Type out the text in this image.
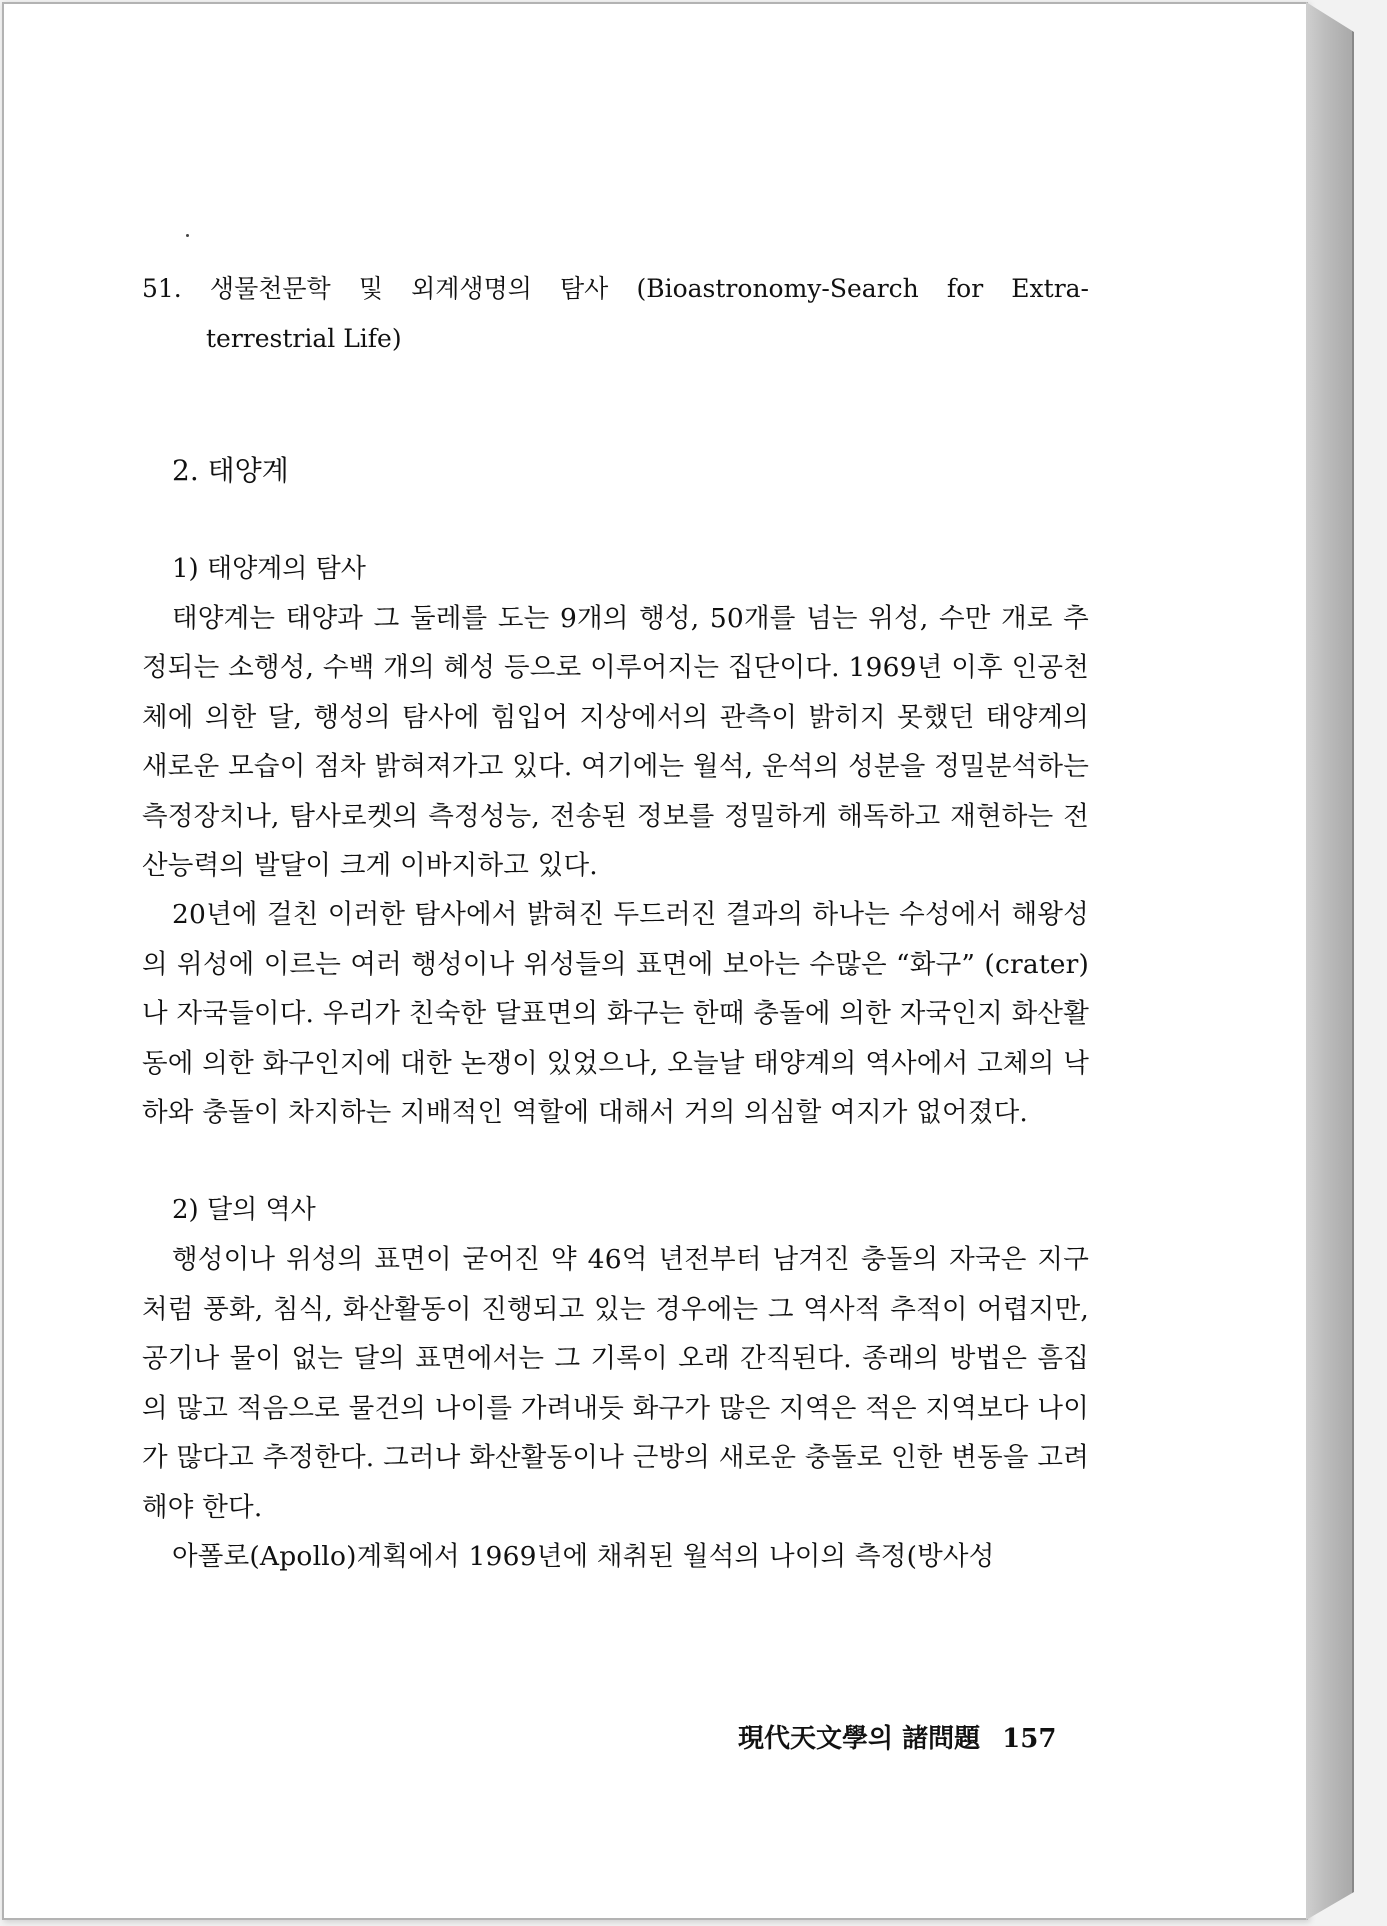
51. 생물천문학 및 외계생명의 탐사 (Bioastronomy-Search for Extra-
terrestrial Life)
2. 태양계
1) 태양계의 탐사

태양계는 태양과 그 둘레를 도는 9개의 행성, 50개를 넘는 위성, 수만 개로 추정되는 소행성, 수백 개의 혜성 등으로 이루어지는 집단이다. 1969년 이후 인공천체에 의한 달, 행성의 탐사에 힘입어 지상에서의 관측이 밝히지 못했던 태양계의 새로운 모습이 점차 밝혀져가고 있다. 여기에는 월석, 운석의 성분을 정밀분석하는 측정장치나, 탐사로켓의 측정성능, 전송된 정보를 정밀하게 해독하고 재현하는 전산능력의 발달이 크게 이바지하고 있다.

20년에 걸친 이러한 탐사에서 밝혀진 두드러진 결과의 하나는 수성에서 해왕성의 위성에 이르는 여러 행성이나 위성들의 표면에 보아는 수많은 “화구” (crater)나 자국들이다. 우리가 친숙한 달표면의 화구는 한때 충돌에 의한 자국인지 화산활동에 의한 화구인지에 대한 논쟁이 있었으나, 오늘날 태양계의 역사에서 고체의 낙하와 충돌이 차지하는 지배적인 역할에 대해서 거의 의심할 여지가 없어졌다.

2) 달의 역사

행성이나 위성의 표면이 굳어진 약 46억 년전부터 남겨진 충돌의 자국은 지구처럼 풍화, 침식, 화산활동이 진행되고 있는 경우에는 그 역사적 추적이 어렵지만, 공기나 물이 없는 달의 표면에서는 그 기록이 오래 간직된다. 종래의 방법은 흠집의 많고 적음으로 물건의 나이를 가려내듯 화구가 많은 지역은 적은 지역보다 나이가 많다고 추정한다. 그러나 화산활동이나 근방의 새로운 충돌로 인한 변동을 고려해야 한다.

아폴로(Apollo)계획에서 1969년에 채취된 월석의 나이의 측정(방사성

現代天文學의 諸問題 157
